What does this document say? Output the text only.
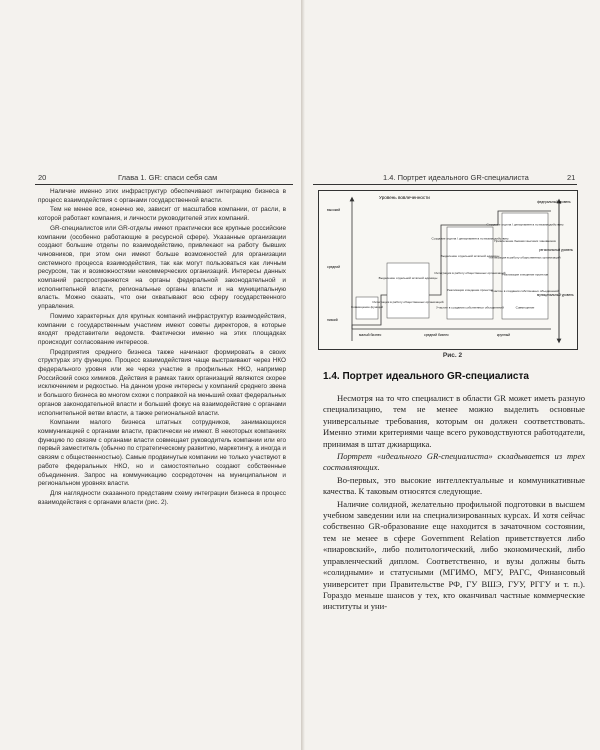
20	Глава 1. GR: спаси себя сам

Наличие именно этих инфраструктур обеспечивают интеграцию бизнеса в процесс взаимодействия с органами государственной власти.

Тем не менее все, конечно же, зависит от масштабов компании, от расли, в которой работает компания, и личности руководителей этих компаний.

GR-специалистов или GR-отделы имеют практически все крупные российские компании (особенно работающие в ресурсной сфере). Указанные организации создают большие отделы по взаимодействию, привлекают на работу бывших чиновников, при этом они имеют больше возможностей для организации системного процесса взаимодействия, так как могут пользоваться как личным ресурсом, так и возможностями некоммерческих организаций. Интересы данных компаний распространяются на органы федеральной законодательной и исполнительной власти, региональные органы власти и на муниципальную власть. Можно сказать, что они охватывают всю сферу государственного управления.

Помимо характерных для крупных компаний инфраструктур взаимодействия, компании с государственным участием имеют советы директоров, в которые входят представители ведомств. Фактически именно на этих площадках происходит согласование интересов.

Предприятия среднего бизнеса также начинают формировать в своих структурах эту функцию. Процесс взаимодействия чаще выстраивают через НКО федерального уровня или же через участие в профильных НКО, например Российский союз химиков. Действия в рамках таких организаций являются скорее исключением и редкостью. На данном уроне интересы у компаний среднего звена и большого бизнеса во многом схожи с поправкой на меньший охват федеральных органов законодательной власти и больший фокус на взаимодействие с органами исполнительной ветви власти, а также региональной власти.

Компании малого бизнеса штатных сотрудников, занимающихся коммуникацией с органами власти, практически не имеют. В некоторых компаниях функцию по связям с органами власти совмещает руководитель компании или его первый заместитель (обычно по стратегическому развитию, маркетингу, а иногда и связям с общественностью). Самые продвинутые компании не только участвуют в работе федеральных НКО, но и самостоятельно создают собственные объединения. Запрос на коммуникацию сосредоточен на муниципальном и региональном уровнях власти.

Для наглядности сказанного представим схему интеграции бизнеса в процесс взаимодействия с органами власти (рис. 2).

1.4. Портрет идеального GR-специалиста	21
Уровень вовлеченности
высокий
средний
низкий
малый бизнес	средний бизнес	крупный
федеральный уровень
региональный уровень
муниципальный уровень
Совмещение функций
Выделение отдельной штатной единицы
Интеграция в работу общественных организаций
Создание отдела / департамента по взаимодействию
Выделение отдельной штатной единицы
Интеграция в работу общественных организаций
Реализация и ведение проектов
Участие в создании собственных объединений
Создание отдела / департамента по взаимодействию
Привлечение бывших высоких чиновников
Интеграция в работу общественных организаций
Реализация и ведение проектов
Участие в создании собственных объединений
Совмещение
Рис. 2
1.4. Портрет идеального GR-специалиста

Несмотря на то что специалист в области GR может иметь разную специализацию, тем не менее можно выделить основные универсальные требования, которым он должен соответствовать. Именно этими критериями чаще всего руководствуются работодатели, принимая в штат джиарщика.

Портрет «идеального GR-специалиста» складывается из трех составляющих.

Во-первых, это высокие интеллектуальные и коммуникативные качества. К таковым относятся следующие.

Наличие солидной, желательно профильной подготовки в высшем учебном заведении или на специализированных курсах. И хотя сейчас собственно GR-образование еще находится в зачаточном состоянии, тем не менее в сфере Government Relation приветствуется либо «пиаровский», либо политологический, либо экономический, либо управленческий диплом. Соответственно, и вузы должны быть «солидными» и статусными (МГИМО, МГУ, РАГС, Финансовый университет при Правительстве РФ, ГУ ВШЭ, ГУУ, РГГУ и т. п.). Гораздо меньше шансов у тех, кто оканчивал частные коммерческие институты и уни-
